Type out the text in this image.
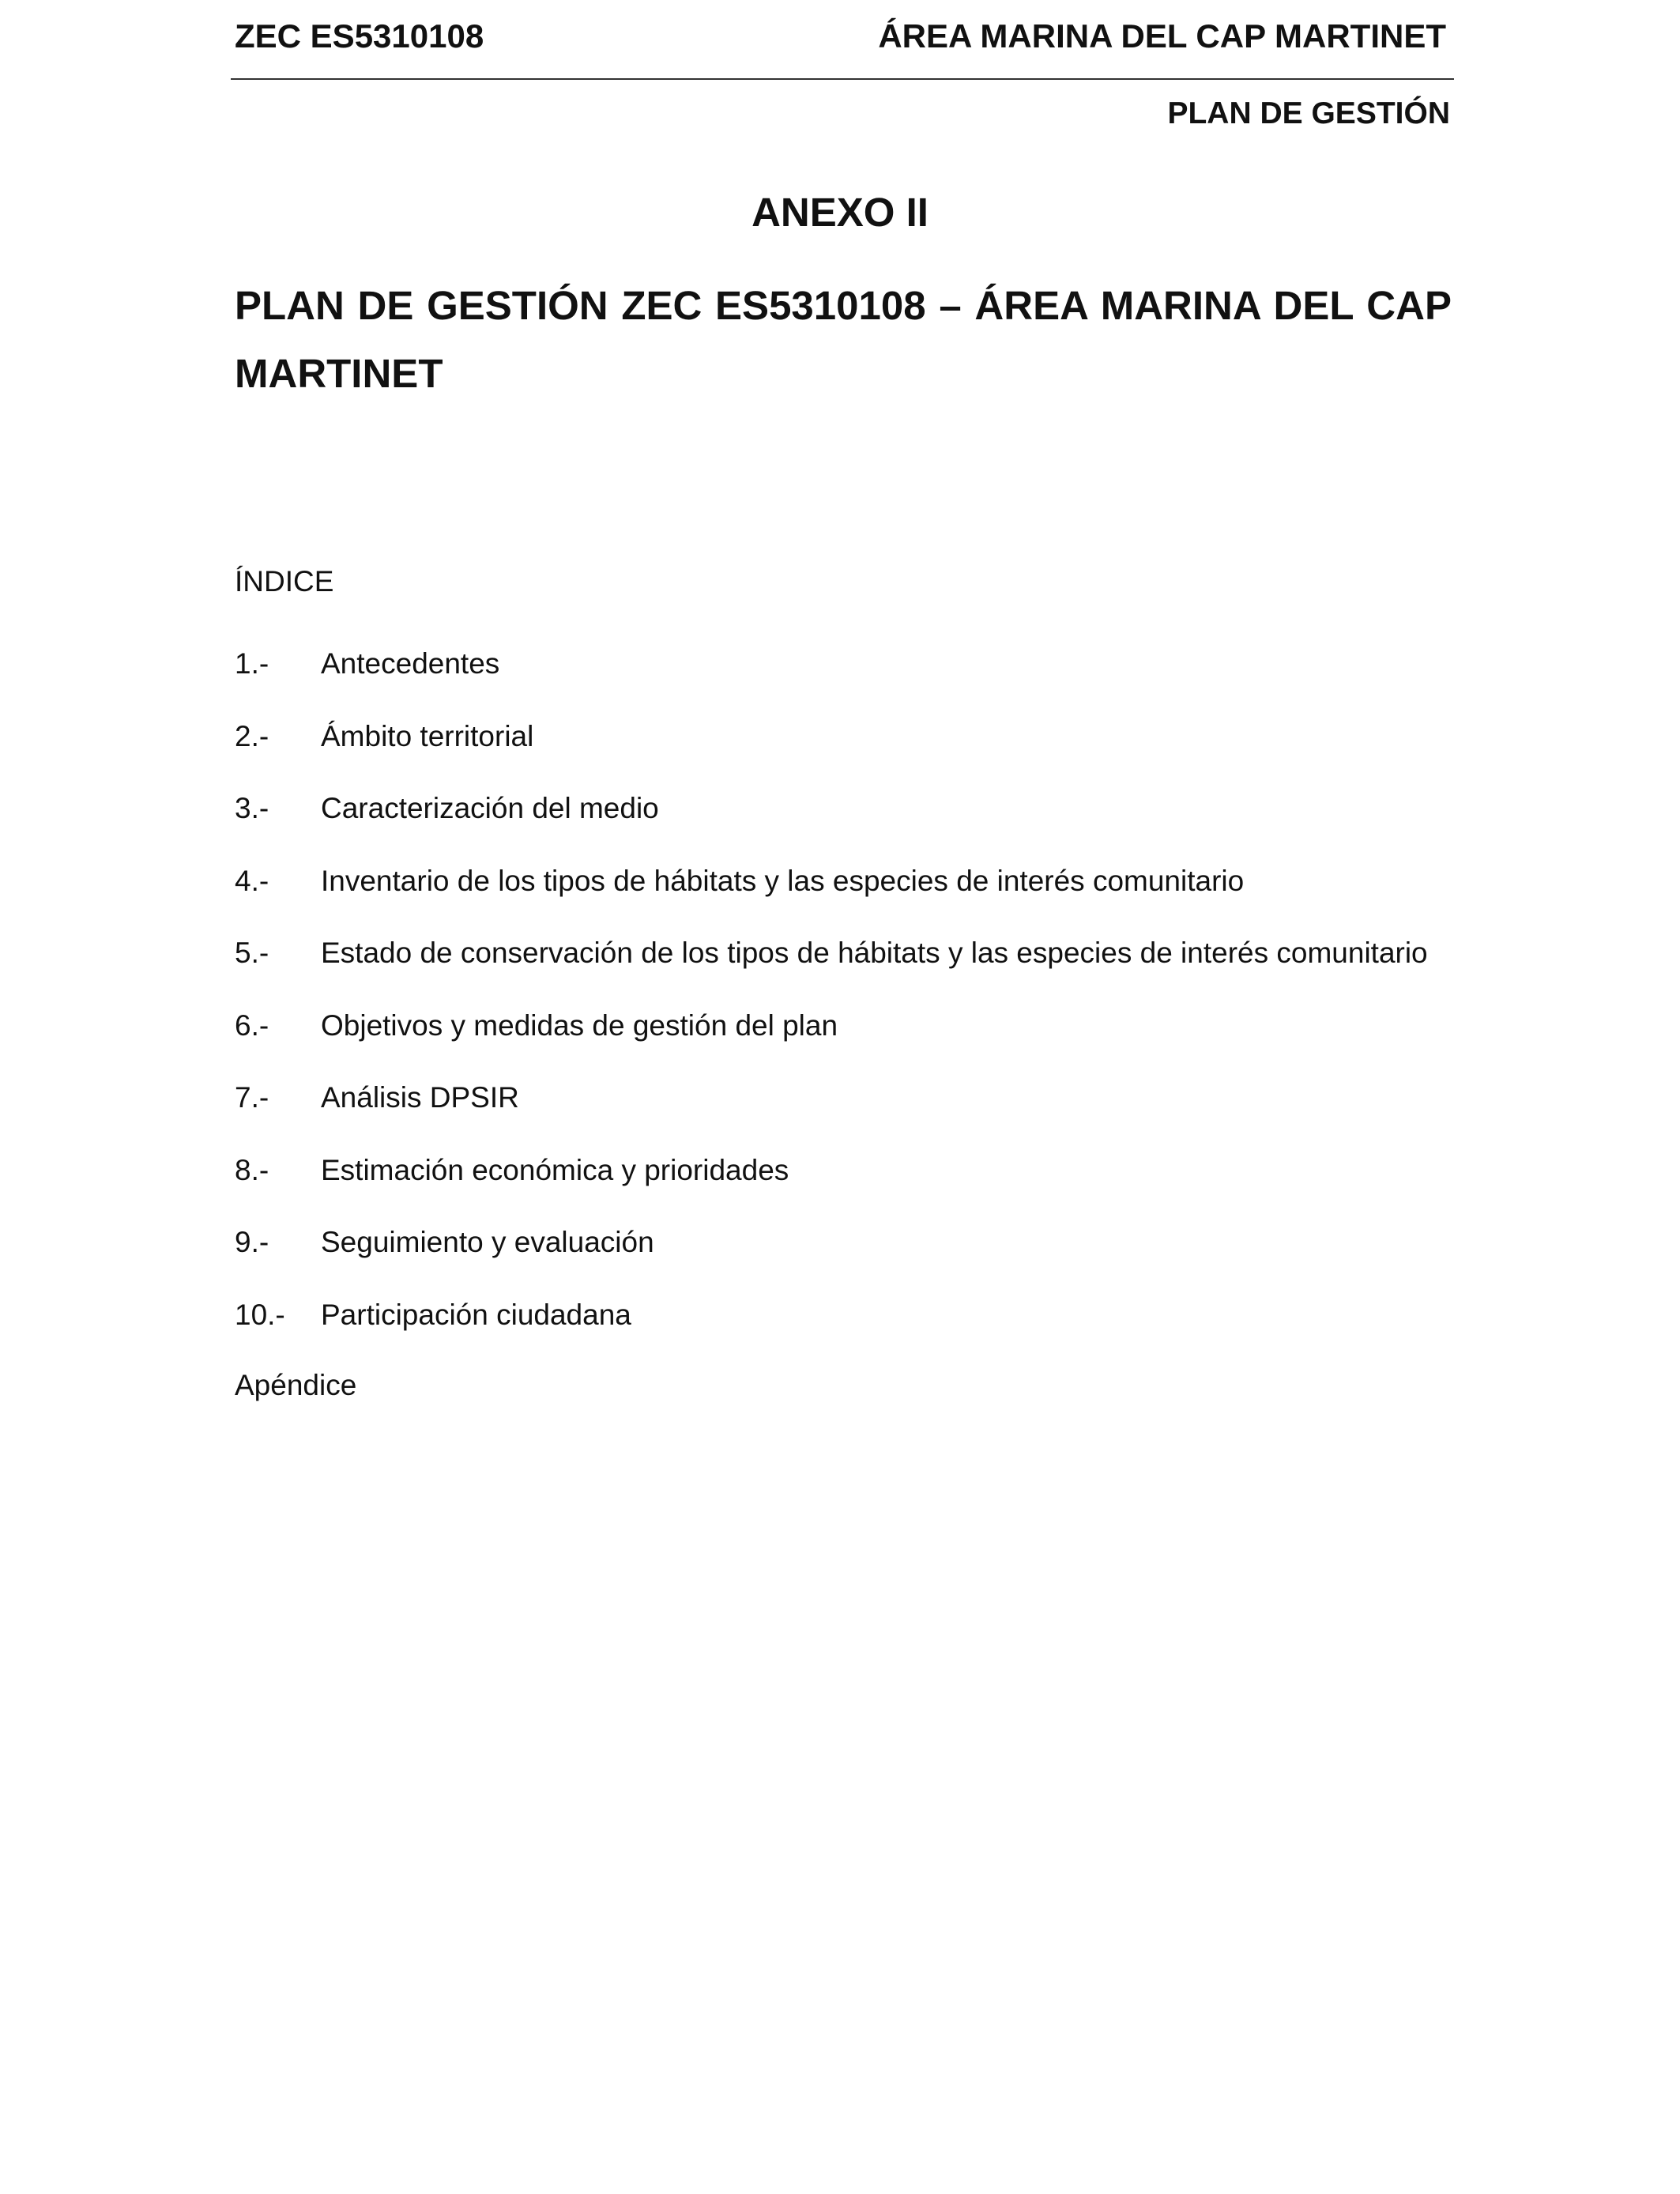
ZEC ES5310108	ÁREA MARINA DEL CAP MARTINET
PLAN DE GESTIÓN
ANEXO II
PLAN DE GESTIÓN ZEC ES5310108 – ÁREA MARINA DEL CAP MARTINET
ÍNDICE
1.- Antecedentes
2.- Ámbito territorial
3.- Caracterización del medio
4.- Inventario de los tipos de hábitats y las especies de interés comunitario
5.- Estado de conservación de los tipos de hábitats y las especies de interés comunitario
6.- Objetivos y medidas de gestión del plan
7.- Análisis DPSIR
8.- Estimación económica y prioridades
9.- Seguimiento y evaluación
10.- Participación ciudadana
Apéndice
